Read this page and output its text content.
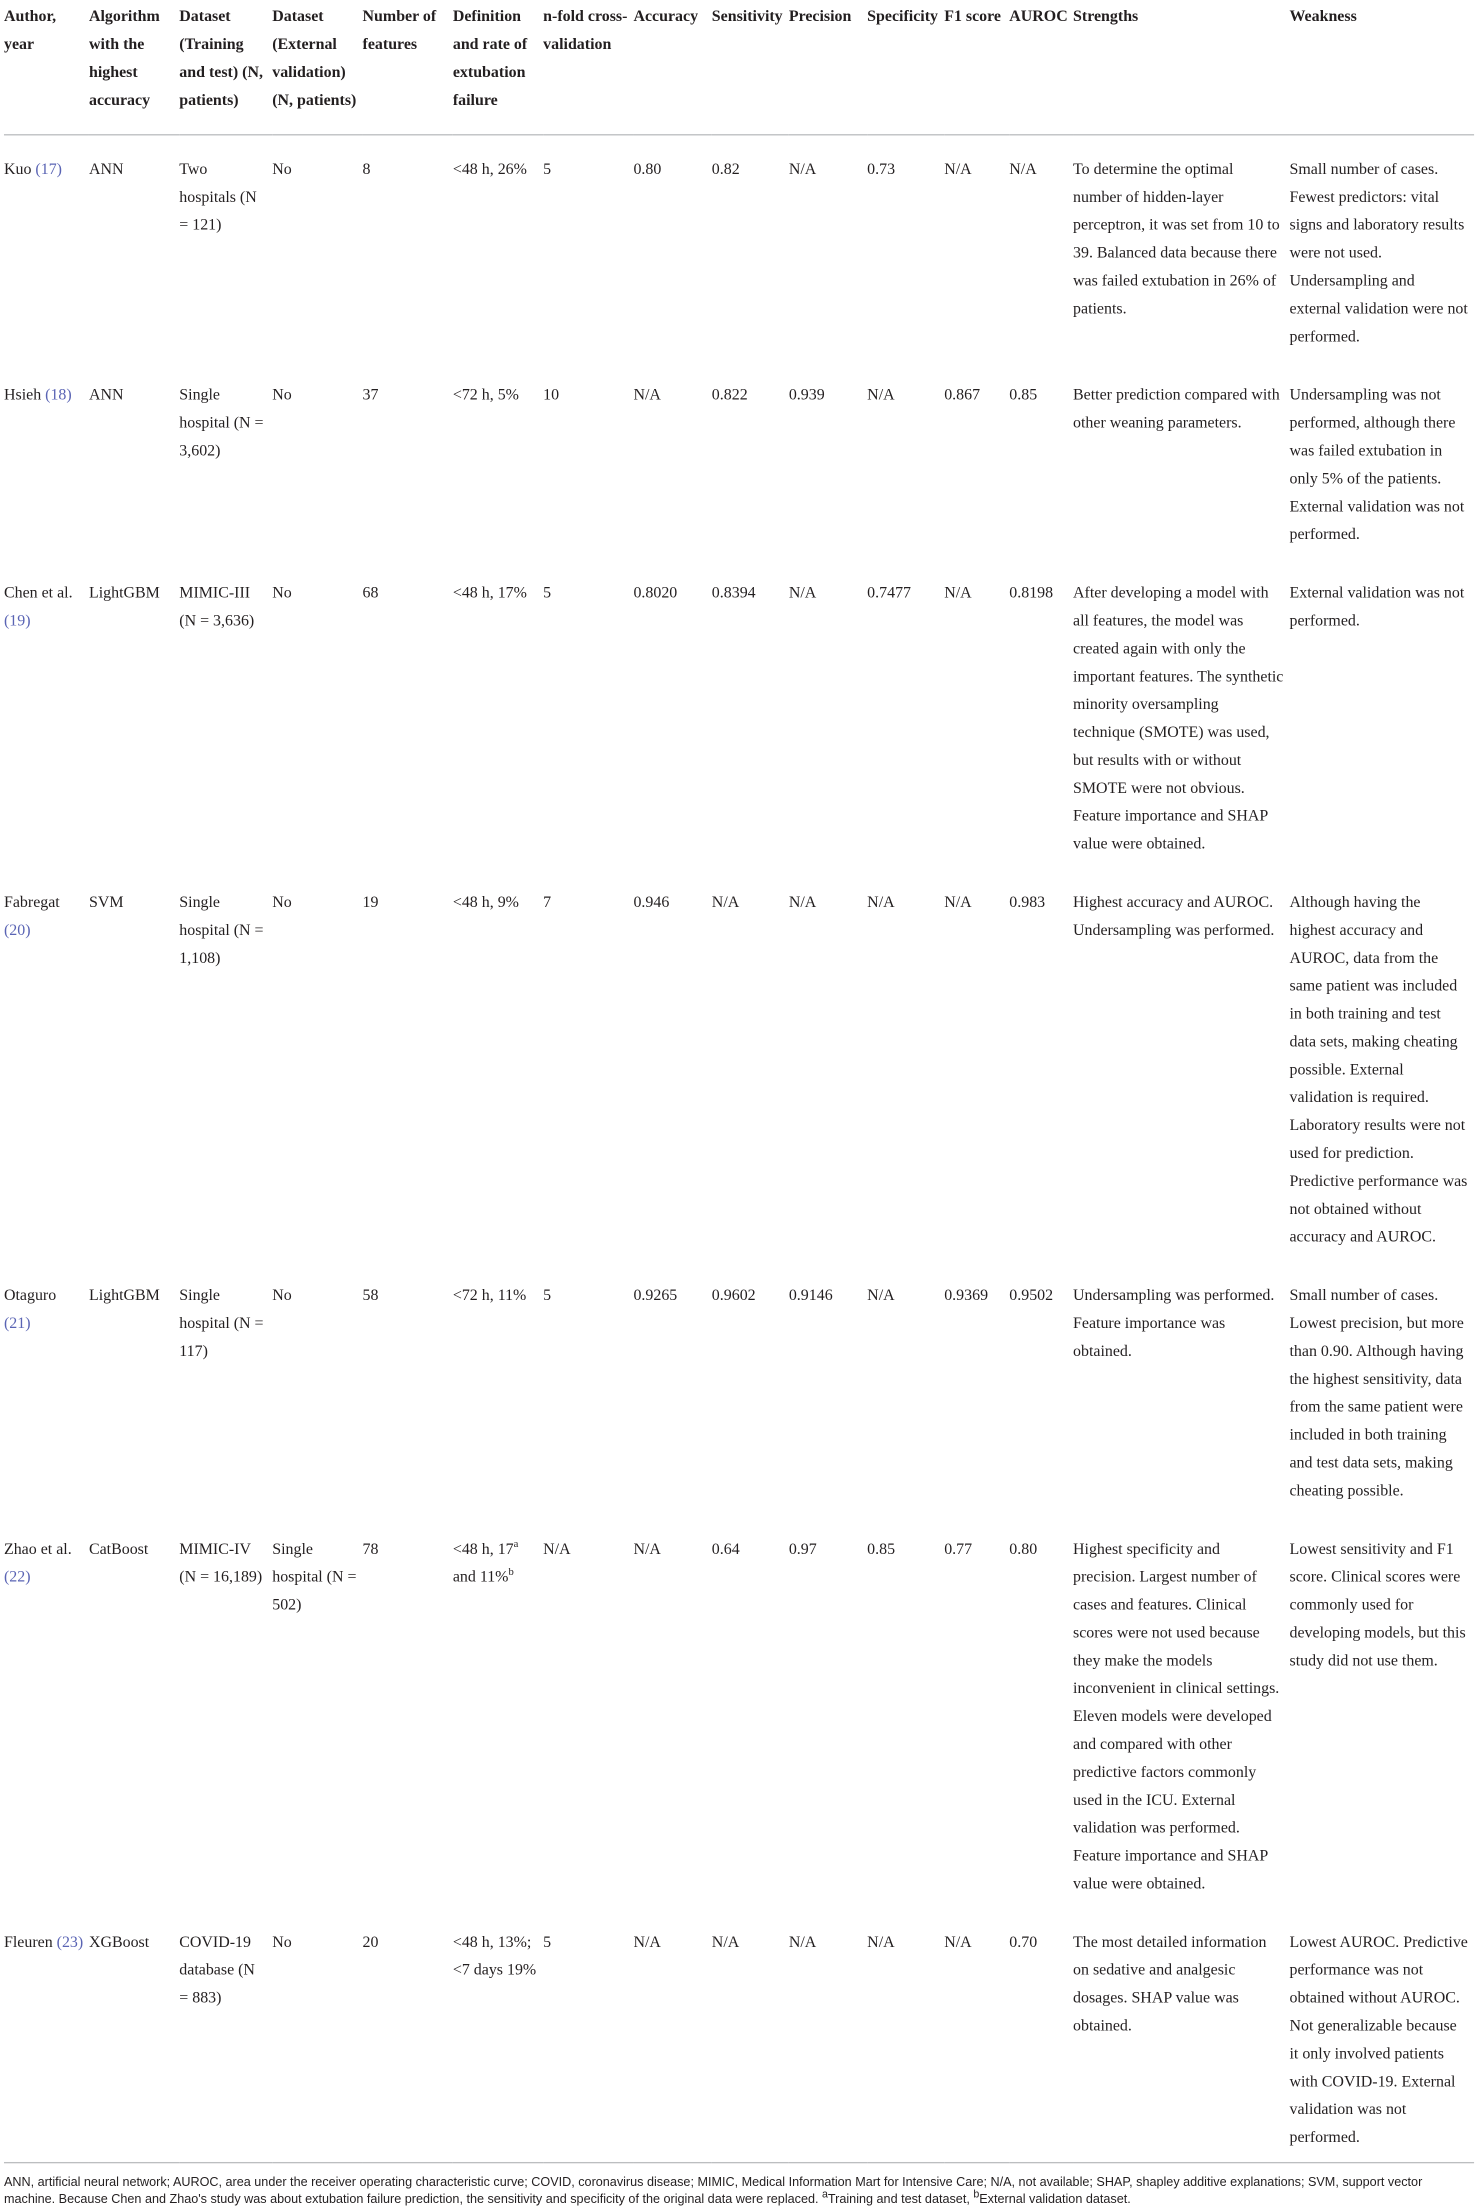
Author, year	Algorithm with the highest accuracy	Dataset (Training and test) (N, patients)	Dataset (External validation) (N, patients)	Number of features	Definition and rate of extubation failure	n-fold cross-validation	Accuracy	Sensitivity	Precision	Specificity	F1 score	AUROC	Strengths	Weakness
Kuo (17)	ANN	Two hospitals (N = 121)	No	8	<48 h, 26%	5	0.80	0.82	N/A	0.73	N/A	N/A	To determine the optimal number of hidden-layer perceptron, it was set from 10 to 39. Balanced data because there was failed extubation in 26% of patients.	Small number of cases. Fewest predictors: vital signs and laboratory results were not used. Undersampling and external validation were not performed.
Hsieh (18)	ANN	Single hospital (N = 3,602)	No	37	<72 h, 5%	10	N/A	0.822	0.939	N/A	0.867	0.85	Better prediction compared with other weaning parameters.	Undersampling was not performed, although there was failed extubation in only 5% of the patients. External validation was not performed.
Chen et al. (19)	LightGBM	MIMIC-III (N = 3,636)	No	68	<48 h, 17%	5	0.8020	0.8394	N/A	0.7477	N/A	0.8198	After developing a model with all features, the model was created again with only the important features. The synthetic minority oversampling technique (SMOTE) was used, but results with or without SMOTE were not obvious. Feature importance and SHAP value were obtained.	External validation was not performed.
Fabregat (20)	SVM	Single hospital (N = 1,108)	No	19	<48 h, 9%	7	0.946	N/A	N/A	N/A	N/A	0.983	Highest accuracy and AUROC. Undersampling was performed.	Although having the highest accuracy and AUROC, data from the same patient was included in both training and test data sets, making cheating possible. External validation is required. Laboratory results were not used for prediction. Predictive performance was not obtained without accuracy and AUROC.
Otaguro (21)	LightGBM	Single hospital (N = 117)	No	58	<72 h, 11%	5	0.9265	0.9602	0.9146	N/A	0.9369	0.9502	Undersampling was performed. Feature importance was obtained.	Small number of cases. Lowest precision, but more than 0.90. Although having the highest sensitivity, data from the same patient were included in both training and test data sets, making cheating possible.
Zhao et al. (22)	CatBoost	MIMIC-IV (N = 16,189)	Single hospital (N = 502)	78	<48 h, 17$^a$ and 11%$^b$	N/A	N/A	0.64	0.97	0.85	0.77	0.80	Highest specificity and precision. Largest number of cases and features. Clinical scores were not used because they make the models inconvenient in clinical settings. Eleven models were developed and compared with other predictive factors commonly used in the ICU. External validation was performed. Feature importance and SHAP value were obtained.	Lowest sensitivity and F1 score. Clinical scores were commonly used for developing models, but this study did not use them.
Fleuren (23)	XGBoost	COVID-19 database (N = 883)	No	20	<48 h, 13%; <7 days 19%	5	N/A	N/A	N/A	N/A	N/A	0.70	The most detailed information on sedative and analgesic dosages. SHAP value was obtained.	Lowest AUROC. Predictive performance was not obtained without AUROC. Not generalizable because it only involved patients with COVID-19. External validation was not performed.
ANN, artificial neural network; AUROC, area under the receiver operating characteristic curve; COVID, coronavirus disease; MIMIC, Medical Information Mart for Intensive Care; N/A, not available; SHAP, shapley additive explanations; SVM, support vector machine. Because Chen and Zhao's study was about extubation failure prediction, the sensitivity and specificity of the original data were replaced. $^a$Training and test dataset, $^b$External validation dataset.
